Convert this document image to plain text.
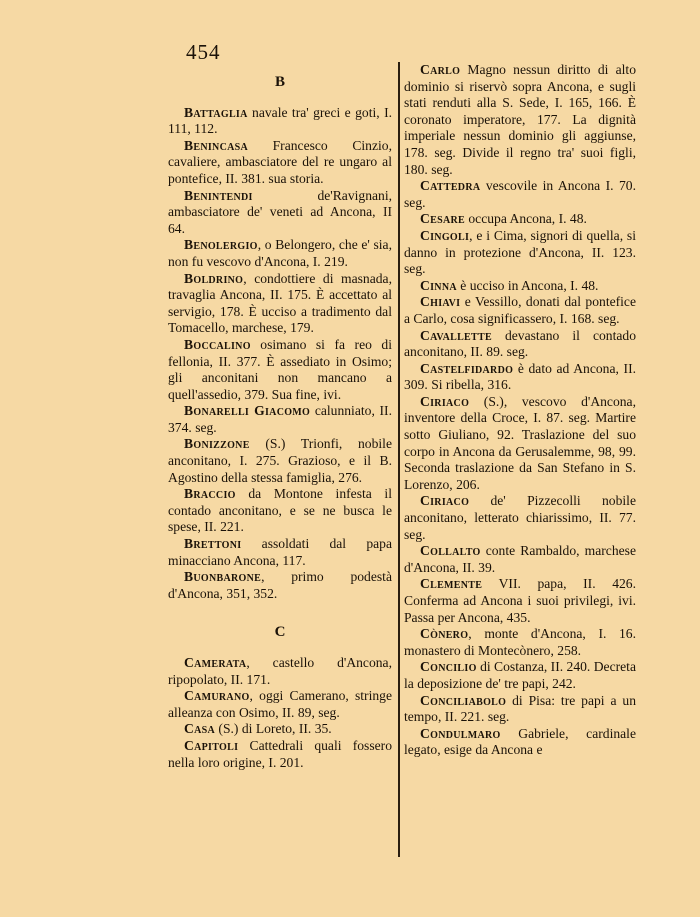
454
B

Battaglia navale tra' greci e goti, I. 111, 112.

Benincasa Francesco Cinzio, cavaliere, ambasciatore del re ungaro al pontefice, II. 381. sua storia.

Benintendi de'Ravignani, ambasciatore de' veneti ad Ancona, II 64.

Benolergio, o Belongero, che e' sia, non fu vescovo d'Ancona, I. 219.

Boldrino, condottiere di masnada, travaglia Ancona, II. 175. È accettato al servigio, 178. È ucciso a tradimento dal Tomacello, marchese, 179.

Boccalino osimano si fa reo di fellonia, II. 377. È assediato in Osimo; gli anconitani non mancano a quell'assedio, 379. Sua fine, ivi.

Bonarelli Giacomo calunniato, II. 374. seg.

Bonizzone (S.) Trionfi, nobile anconitano, I. 275. Grazioso, e il B. Agostino della stessa famiglia, 276.

Braccio da Montone infesta il contado anconitano, e se ne busca le spese, II. 221.

Brettoni assoldati dal papa minacciano Ancona, 117.

Buonbarone, primo podestà d'Ancona, 351, 352.

C

Camerata, castello d'Ancona, ripopolato, II. 171.

Camurano, oggi Camerano, stringe alleanza con Osimo, II. 89, seg.

Casa (S.) di Loreto, II. 35.

Capitoli Cattedrali quali fossero nella loro origine, I. 201.

Carlo Magno nessun diritto di alto dominio si riservò sopra Ancona, e sugli stati renduti alla S. Sede, I. 165, 166. È coronato imperatore, 177. La dignità imperiale nessun dominio gli aggiunse, 178. seg. Divide il regno tra' suoi figli, 180. seg.

Cattedra vescovile in Ancona I. 70. seg.

Cesare occupa Ancona, I. 48.

Cingoli, e i Cima, signori di quella, si danno in protezione d'Ancona, II. 123. seg.

Cinna è ucciso in Ancona, I. 48.

Chiavi e Vessillo, donati dal pontefice a Carlo, cosa significassero, I. 168. seg.

Cavallette devastano il contado anconitano, II. 89. seg.

Castelfidardo è dato ad Ancona, II. 309. Si ribella, 316.

Ciriaco (S.), vescovo d'Ancona, inventore della Croce, I. 87. seg. Martire sotto Giuliano, 92. Traslazione del suo corpo in Ancona da Gerusalemme, 98, 99. Seconda traslazione da San Stefano in S. Lorenzo, 206.

Ciriaco de' Pizzecolli nobile anconitano, letterato chiarissimo, II. 77. seg.

Collalto conte Rambaldo, marchese d'Ancona, II. 39.

Clemente VII. papa, II. 426. Conferma ad Ancona i suoi privilegi, ivi. Passa per Ancona, 435.

Cònero, monte d'Ancona, I. 16. monastero di Montecònero, 258.

Concilio di Costanza, II. 240. Decreta la deposizione de' tre papi, 242.

Conciliabolo di Pisa: tre papi a un tempo, II. 221. seg.

Condulmaro Gabriele, cardinale legato, esige da Ancona e
